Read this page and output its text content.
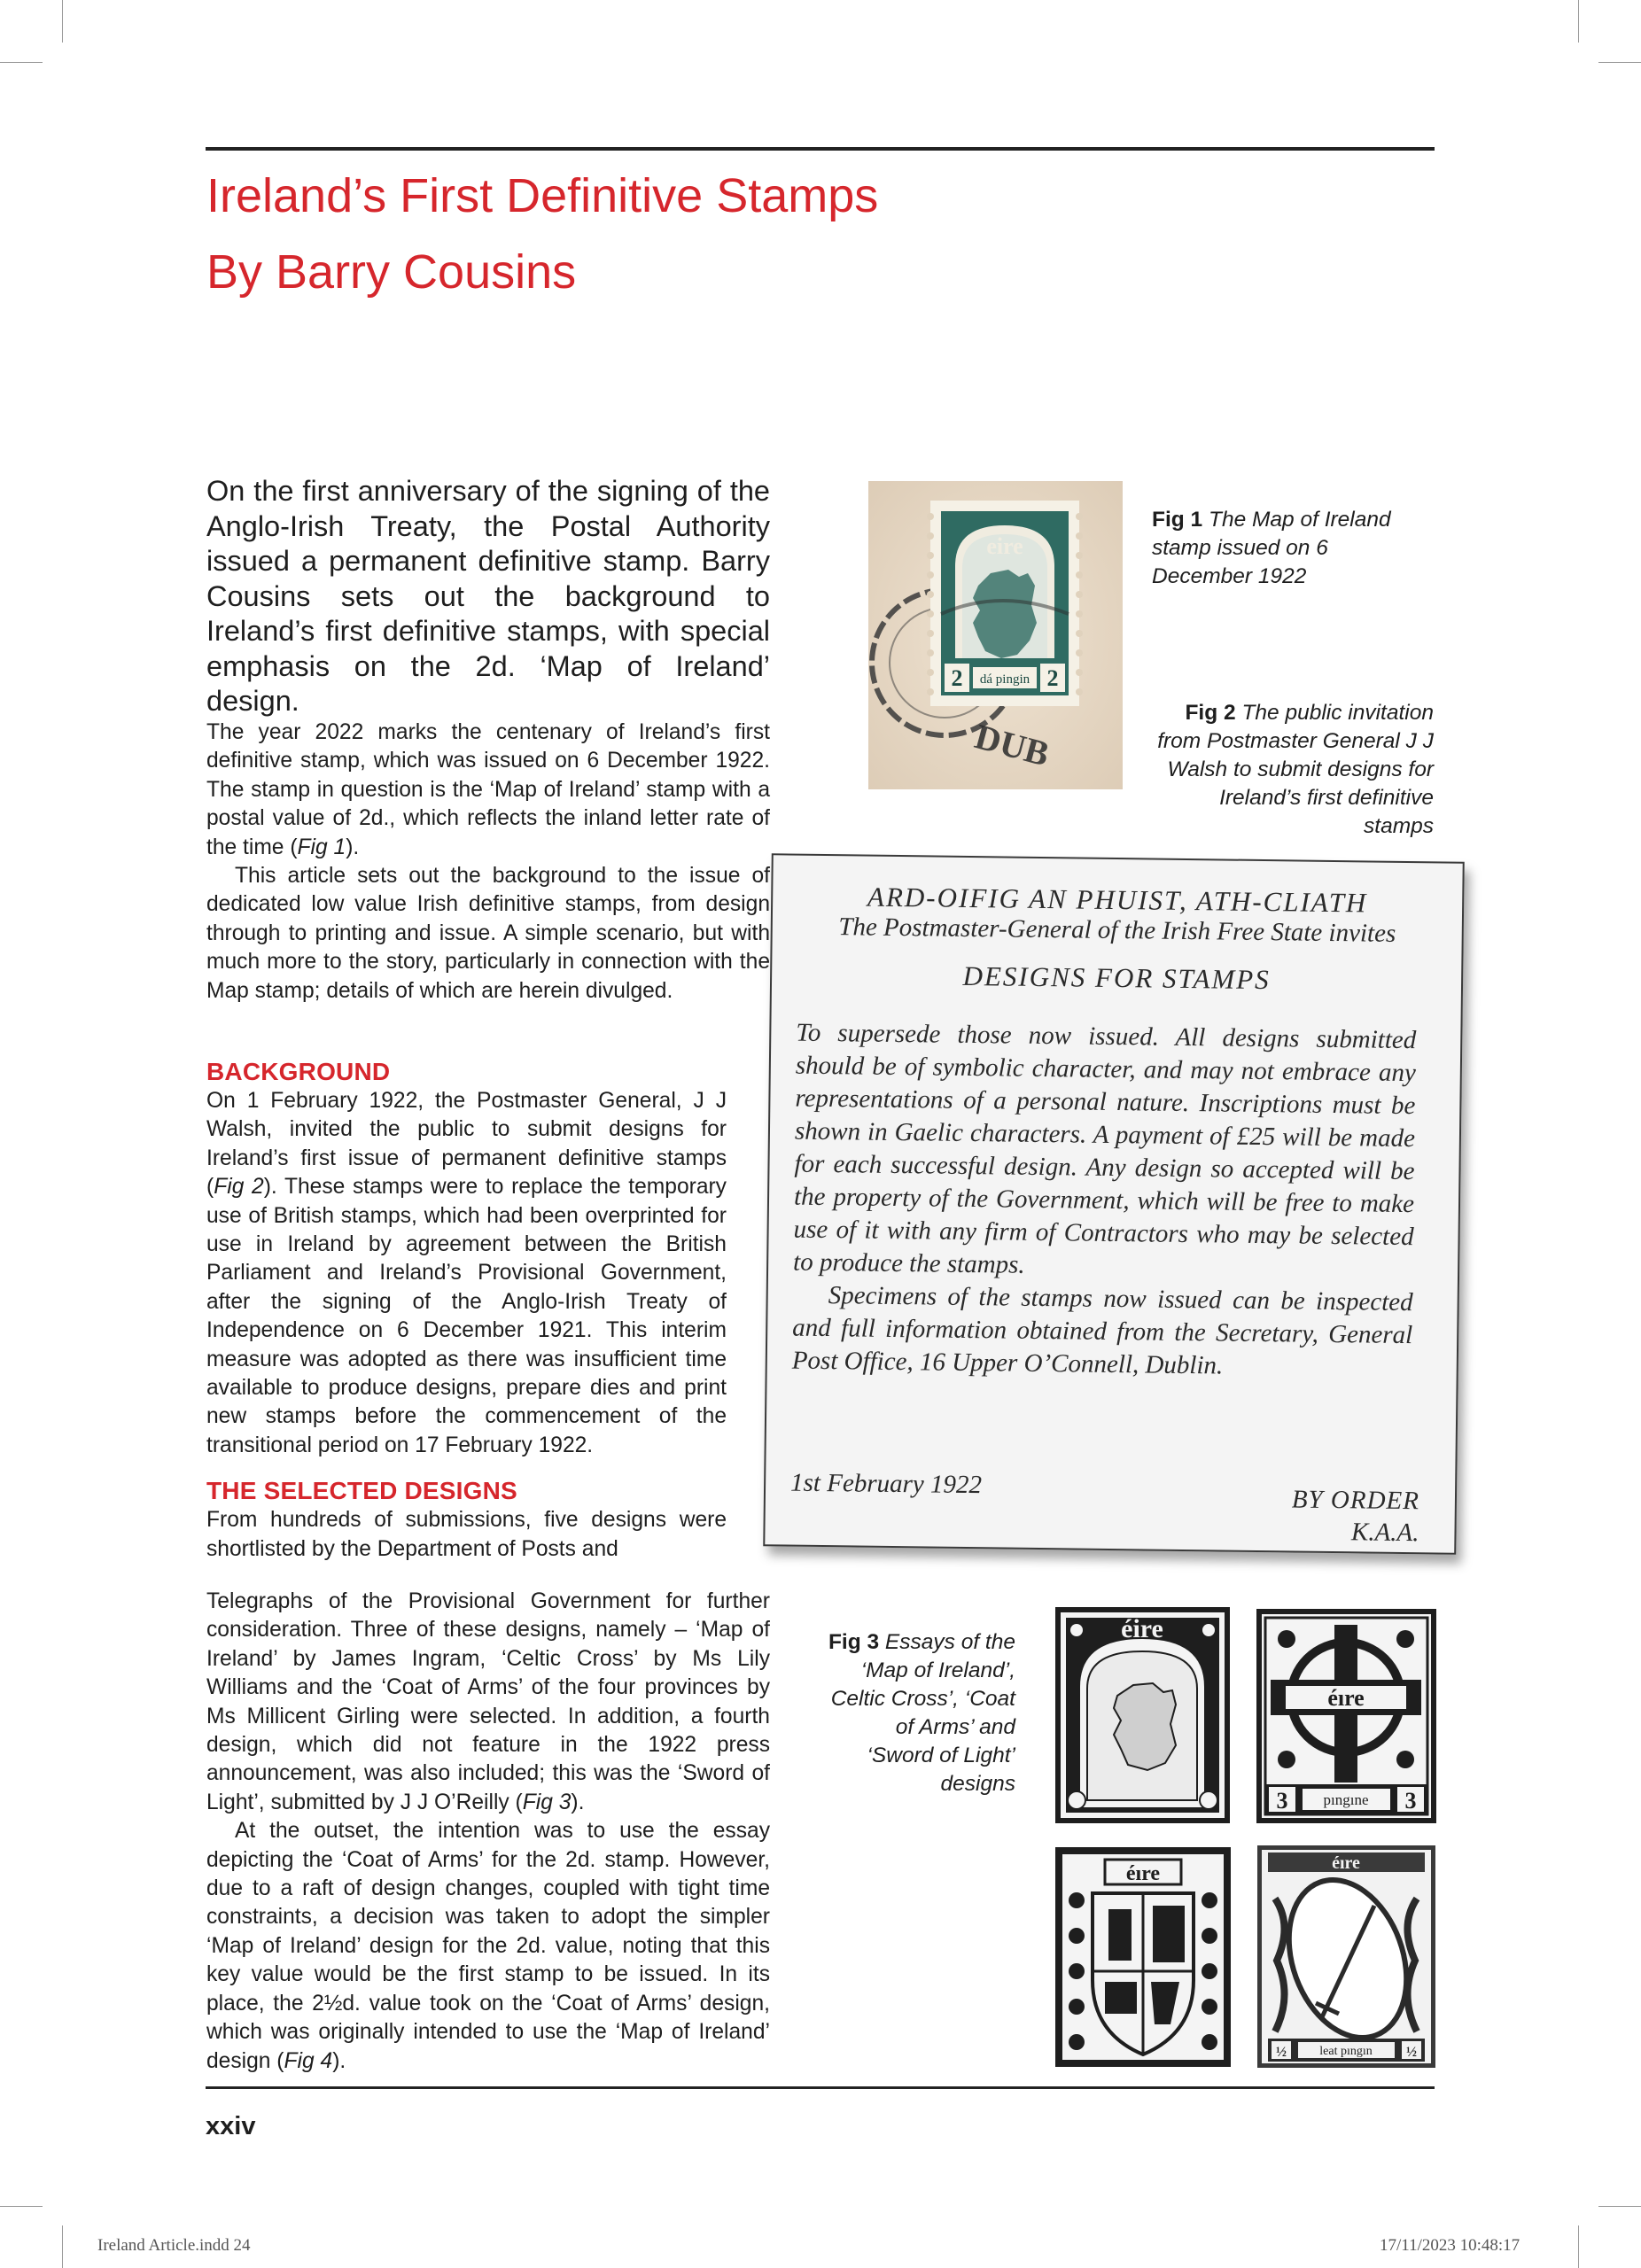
Ireland’s First Definitive Stamps
By Barry Cousins

On the first anniversary of the signing of the Anglo-Irish Treaty, the Postal Authority issued a permanent definitive stamp. Barry Cousins sets out the background to Ireland’s first definitive stamps, with special emphasis on the 2d. ‘Map of Ireland’ design.

The year 2022 marks the centenary of Ireland’s first definitive stamp, which was issued on 6 December 1922. The stamp in question is the ‘Map of Ireland’ stamp with a postal value of 2d., which reflects the inland letter rate of the time (Fig 1).

This article sets out the background to the issue of dedicated low value Irish definitive stamps, from design through to printing and issue. A simple scenario, but with much more to the story, particularly in connection with the Map stamp; details of which are herein divulged.

BACKGROUND

On 1 February 1922, the Postmaster General, J J Walsh, invited the public to submit designs for Ireland’s first issue of permanent definitive stamps (Fig 2). These stamps were to replace the temporary use of British stamps, which had been overprinted for use in Ireland by agreement between the British Parliament and Ireland’s Provisional Government, after the signing of the Anglo-Irish Treaty of Independence on 6 December 1921. This interim measure was adopted as there was insufficient time available to produce designs, prepare dies and print new stamps before the commencement of the transitional period on 17 February 1922.

THE SELECTED DESIGNS

From hundreds of submissions, five designs were shortlisted by the Department of Posts and

Telegraphs of the Provisional Government for further consideration. Three of these designs, namely – ‘Map of Ireland’ by James Ingram, ‘Celtic Cross’ by Ms Lily Williams and the ‘Coat of Arms’ of the four provinces by Ms Millicent Girling were selected. In addition, a fourth design, which did not feature in the 1922 press announcement, was also included; this was the ‘Sword of Light’, submitted by J J O’Reilly (Fig 3).

At the outset, the intention was to use the essay depicting the ‘Coat of Arms’ for the 2d. stamp. However, due to a raft of design changes, coupled with tight time constraints, a decision was taken to adopt the simpler ‘Map of Ireland’ design for the 2d. value, noting that this key value would be the first stamp to be issued. In its place, the 2½d. value took on the ‘Coat of Arms’ design, which was originally intended to use the ‘Map of Ireland’ design (Fig 4).

2	2
dá pingin
eire
DUB

Fig 1 The Map of Ireland stamp issued on 6 December 1922

Fig 2 The public invitation from Postmaster General J J Walsh to submit designs for Ireland’s first definitive stamps

ARD-OIFIG AN PHUIST, ATH-CLIATH

The Postmaster-General of the Irish Free State invites

DESIGNS FOR STAMPS

To supersede those now issued. All designs submitted should be of symbolic character, and may not embrace any representations of a personal nature. Inscriptions must be shown in Gaelic characters. A payment of £25 will be made for each successful design. Any design so accepted will be the property of the Government, which will be free to make use of it with any firm of Contractors who may be selected to produce the stamps.

Specimens of the stamps now issued can be inspected and full information obtained from the Secretary, General Post Office, 16 Upper O’Connell, Dublin.

1st February 1922

BY ORDER

K.A.A.

Fig 3 Essays of the ‘Map of Ireland’, Celtic Cross’, ‘Coat of Arms’ and ‘Sword of Light’ designs

éire
éıre
3	3
pıngıne
éıre	éıre
½	½
leat pıngın
xxiv
Ireland Article.indd 24	17/11/2023 10:48:17
